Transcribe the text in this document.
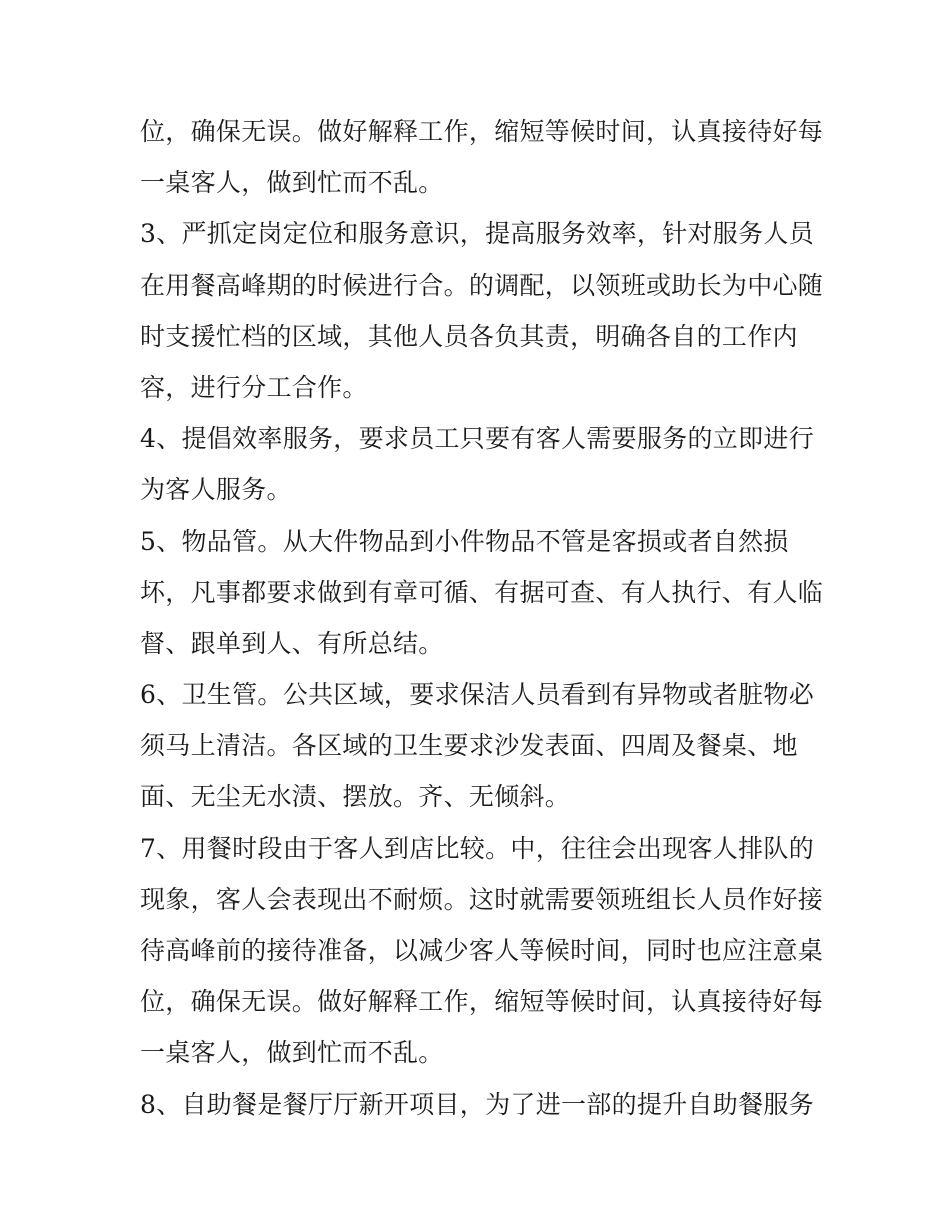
位，确保无误。做好解释工作，缩短等候时间，认真接待好每
一桌客人，做到忙而不乱。
3、严抓定岗定位和服务意识，提高服务效率，针对服务人员
在用餐高峰期的时候进行合。的调配，以领班或助长为中心随
时支援忙档的区域，其他人员各负其责，明确各自的工作内
容，进行分工合作。
4、提倡效率服务，要求员工只要有客人需要服务的立即进行
为客人服务。
5、物品管。从大件物品到小件物品不管是客损或者自然损
坏，凡事都要求做到有章可循、有据可查、有人执行、有人临
督、跟单到人、有所总结。
6、卫生管。公共区域，要求保洁人员看到有异物或者脏物必
须马上清洁。各区域的卫生要求沙发表面、四周及餐桌、地
面、无尘无水渍、摆放。齐、无倾斜。
7、用餐时段由于客人到店比较。中，往往会出现客人排队的
现象，客人会表现出不耐烦。这时就需要领班组长人员作好接
待高峰前的接待准备，以减少客人等候时间，同时也应注意桌
位，确保无误。做好解释工作，缩短等候时间，认真接待好每
一桌客人，做到忙而不乱。
8、自助餐是餐厅厅新开项目，为了进一部的提升自助餐服务
